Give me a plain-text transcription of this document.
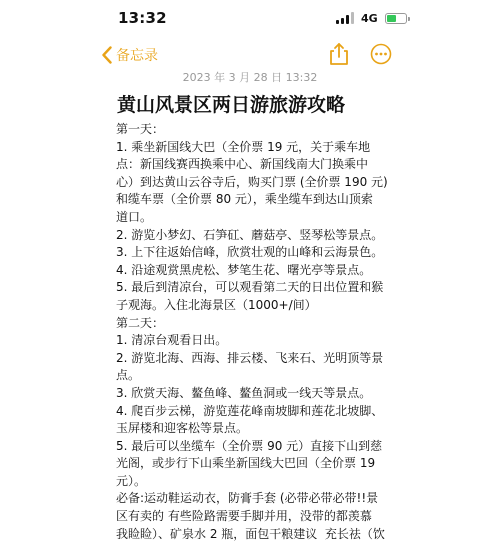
13:32	4G
备忘录
2023 年 3 月 28 日 13:32
黄山风景区两日游旅游攻略
第一天：
1. 乘坐新国线大巴（全价票 19 元，关于乘车地
点：新国线赛西换乘中心、新国线南大门换乘中
心）到达黄山云谷寺后，购买门票 (全价票 190 元)
和缆车票（全价票 80 元），乘坐缆车到达山顶索
道口。
2. 游览小梦幻、石笋矼、蘑菇亭、竖琴松等景点。
3. 上下往返始信峰，欣赏壮观的山峰和云海景色。
4. 沿途观赏黑虎松、梦笔生花、曙光亭等景点。
5. 最后到清凉台，可以观看第二天的日出位置和猴
子观海。入住北海景区（1000+/间）
第二天：
1. 清凉台观看日出。
2. 游览北海、西海、排云楼、飞来石、光明顶等景
点。
3. 欣赏天海、鳌鱼峰、鳌鱼洞或一线天等景点。
4. 爬百步云梯，游览莲花峰南坡脚和莲花北坡脚、
玉屏楼和迎客松等景点。
5. 最后可以坐缆车（全价票 90 元）直接下山到慈
光阁，或步行下山乘坐新国线大巴回（全价票 19
元）。
必备:运动鞋运动衣，防膏手套 (必带必带必带!!景
区有卖的 有些险路需要手脚并用，没带的都羡慕
我睑睑）、矿泉水 2 瓶，面包干粮建议  充长祛（饮
